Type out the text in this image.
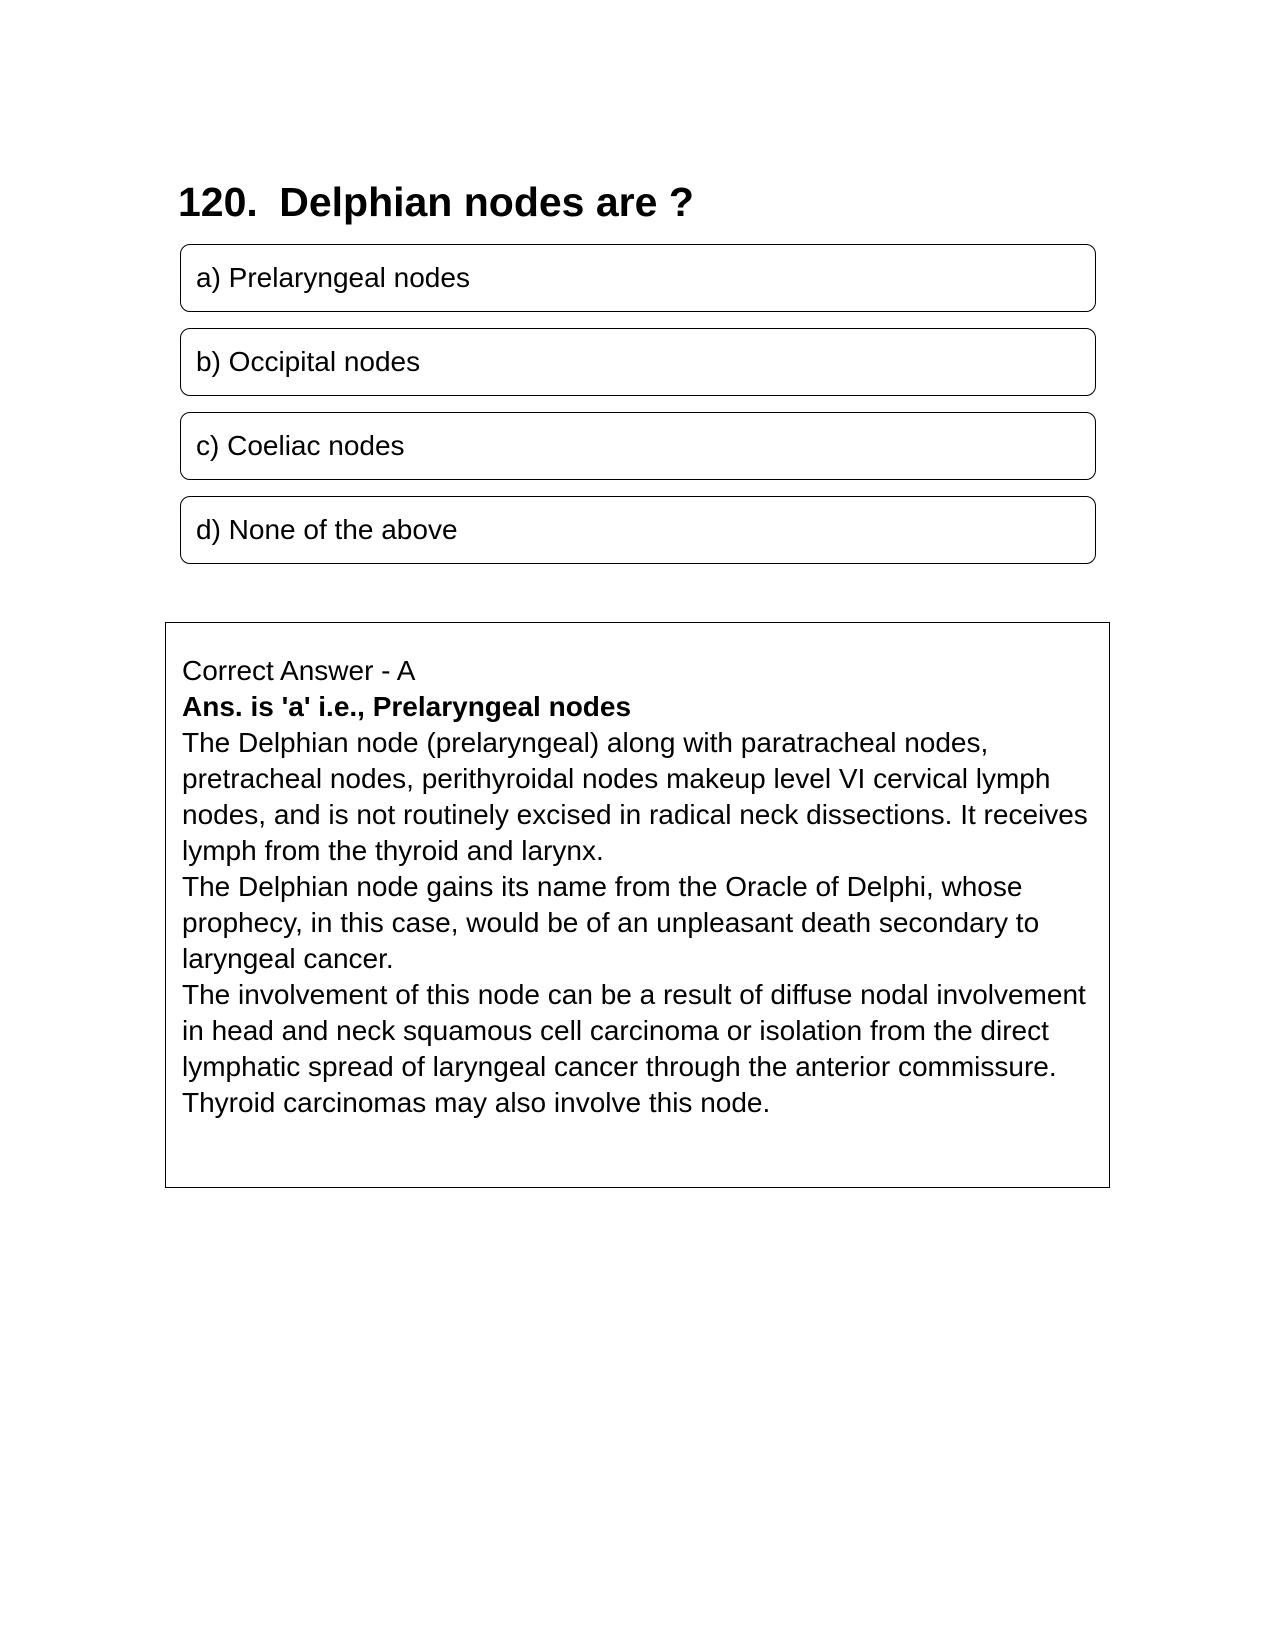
120. Delphian nodes are ?
a) Prelaryngeal nodes
b) Occipital nodes
c) Coeliac nodes
d) None of the above

Correct Answer - A

Ans. is 'a' i.e., Prelaryngeal nodes

The Delphian node (prelaryngeal) along with paratracheal nodes, pretracheal nodes, perithyroidal nodes makeup level VI cervical lymph nodes, and is not routinely excised in radical neck dissections. It receives lymph from the thyroid and larynx.

The Delphian node gains its name from the Oracle of Delphi, whose prophecy, in this case, would be of an unpleasant death secondary to laryngeal cancer.

The involvement of this node can be a result of diffuse nodal involvement in head and neck squamous cell carcinoma or isolation from the direct lymphatic spread of laryngeal cancer through the anterior commissure. Thyroid carcinomas may also involve this node.
